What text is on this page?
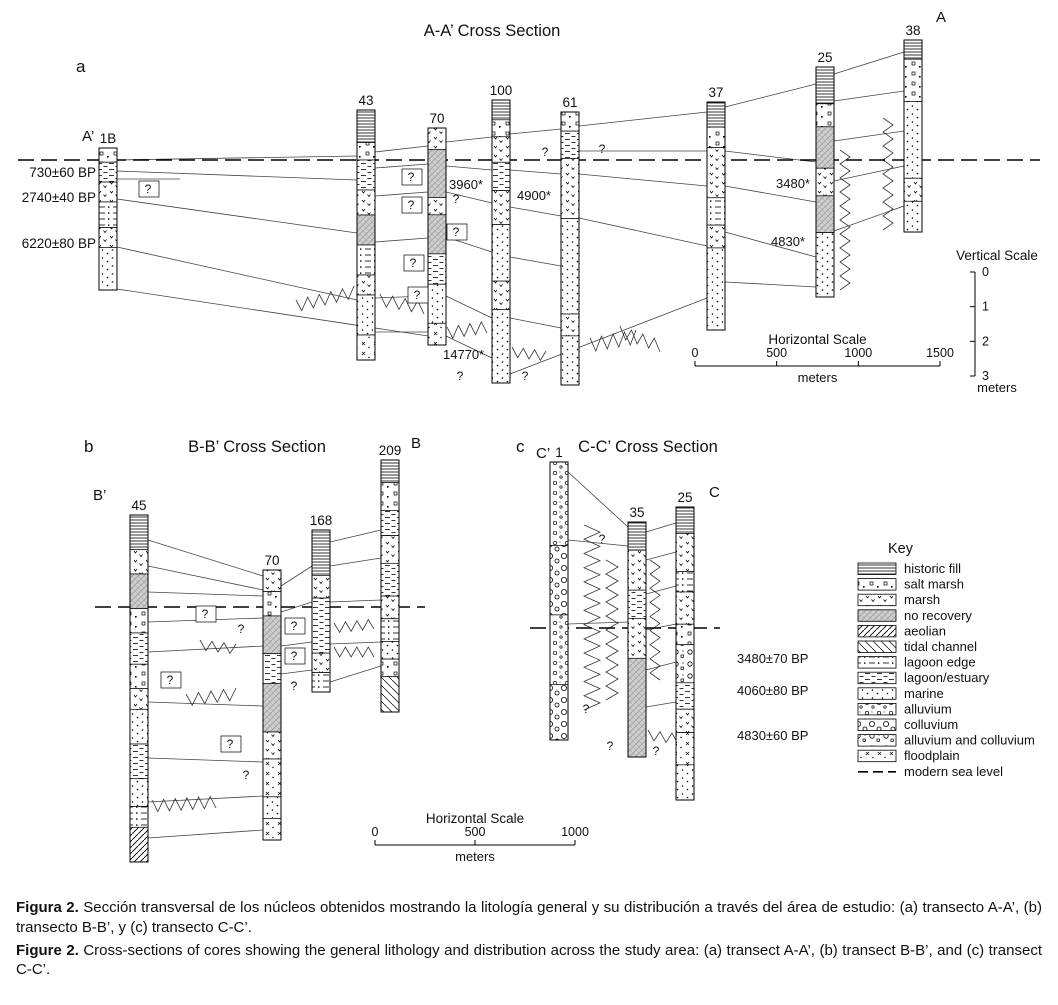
1B
43
70
100
61
37
25
38
?
?
?	?
?
?
?
?	?
?	?
3960*
4900*
3480*
4830*
14770*
730±60 BP
2740±40 BP
6220±80 BP
A-A’ Cross Section
a
A’
A
Horizontal Scale
0	500	1000	1500
meters
Vertical Scale
0
1
2
3
meters
45
70
168
209
?
?	?
?
?
?
?
?
B-B’ Cross Section
b
B’
B
Horizontal Scale
0	500	1000
meters
1
35
25
?
?
?	?
3480±70 BP
4060±80 BP
4830±60 BP
C-C’ Cross Section
c C’
C
Key
historic fill
salt marsh
marsh
no recovery
aeolian
tidal channel
lagoon edge
lagoon/estuary
marine
alluvium
colluvium
alluvium and colluvium
floodplain
modern sea level

Figura 2. Sección transversal de los núcleos obtenidos mostrando la litología general y su distribución a través del área de estudio: (a) transecto A-A’, (b) transecto B-B’, y (c) transecto C-C’.

Figure 2. Cross-sections of cores showing the general lithology and distribution across the study area: (a) transect A-A’, (b) transect B-B’, and (c) transect C-C’.
